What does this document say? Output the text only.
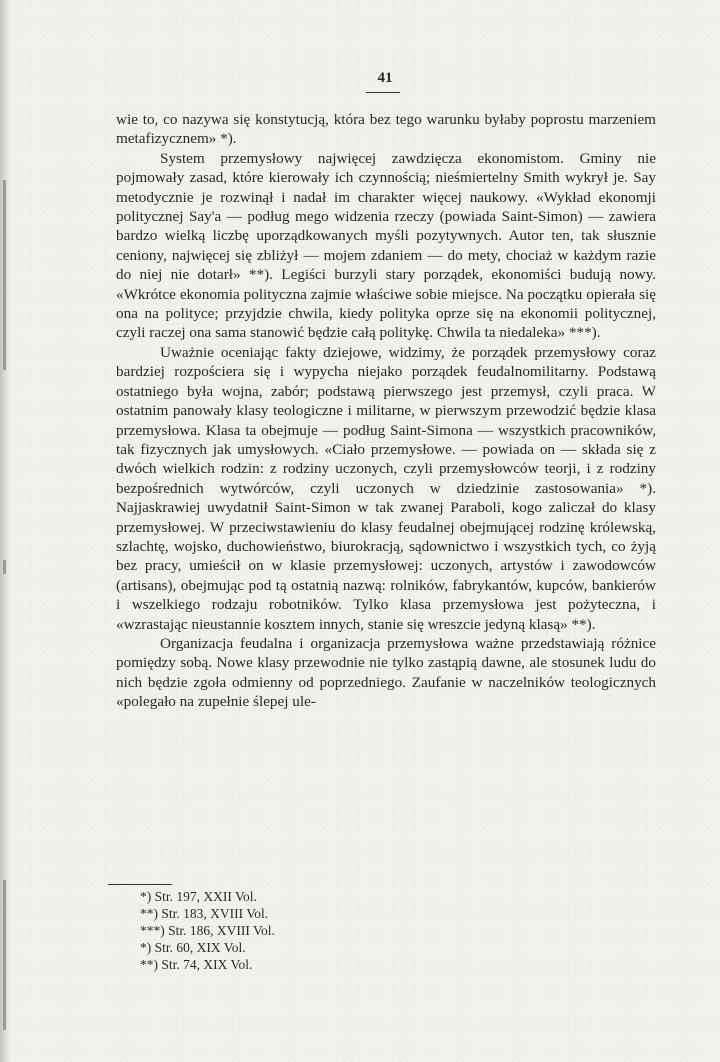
41

wie to, co nazywa się konstytucją, która bez tego warunku byłaby poprostu marzeniem metafizycznem» *).

System przemysłowy najwięcej zawdzięcza ekonomistom. Gminy nie pojmowały zasad, które kierowały ich czynnością; nieśmiertelny Smith wykrył je. Say metodycznie je rozwinął i nadał im charakter więcej naukowy. «Wykład ekonomji politycznej Say'a — podług mego widzenia rzeczy (powiada Saint-Simon) — zawiera bardzo wielką liczbę uporządkowanych myśli pozytywnych. Autor ten, tak słusznie ceniony, najwięcej się zbliżył — mojem zdaniem — do mety, chociaż w każdym razie do niej nie dotarł» **). Legiści burzyli stary porządek, ekonomiści budują nowy. «Wkrótce ekonomia polityczna zajmie właściwe sobie miejsce. Na początku opierała się ona na polityce; przyjdzie chwila, kiedy polityka oprze się na ekonomii politycznej, czyli raczej ona sama stanowić będzie całą politykę. Chwila ta niedaleka» ***).

Uważnie oceniając fakty dziejowe, widzimy, że porządek przemysłowy coraz bardziej rozpościera się i wypycha niejako porządek feudalnomilitarny. Podstawą ostatniego była wojna, zabór; podstawą pierwszego jest przemysł, czyli praca. W ostatnim panowały klasy teologiczne i militarne, w pierwszym przewodzić będzie klasa przemysłowa. Klasa ta obejmuje — podług Saint-Simona — wszystkich pracowników, tak fizycznych jak umysłowych. «Ciało przemysłowe. — powiada on — składa się z dwóch wielkich rodzin: z rodziny uczonych, czyli przemysłowców teorji, i z rodziny bezpośrednich wytwórców, czyli uczonych w dziedzinie zastosowania» *). Najjaskrawiej uwydatnił Saint-Simon w tak zwanej Paraboli, kogo zaliczał do klasy przemysłowej. W przeciwstawieniu do klasy feudalnej obejmującej rodzinę królewską, szlachtę, wojsko, duchowieństwo, biurokracją, sądownictwo i wszystkich tych, co żyją bez pracy, umieścił on w klasie przemysłowej: uczonych, artystów i zawodowców (artisans), obejmując pod tą ostatnią nazwą: rolników, fabrykantów, kupców, bankierów i wszelkiego rodzaju robotników. Tylko klasa przemysłowa jest pożyteczna, i «wzrastając nieustannie kosztem innych, stanie się wreszcie jedyną klasą» **).

Organizacja feudalna i organizacja przemysłowa ważne przedstawiają różnice pomiędzy sobą. Nowe klasy przewodnie nie tylko zastąpią dawne, ale stosunek ludu do nich będzie zgoła odmienny od poprzedniego. Zaufanie w naczelników teologicznych «polegało na zupełnie ślepej ule-

*) Str. 197, XXII Vol.
**) Str. 183, XVIII Vol.
***) Str. 186, XVIII Vol.
*) Str. 60, XIX Vol.
**) Str. 74, XIX Vol.
